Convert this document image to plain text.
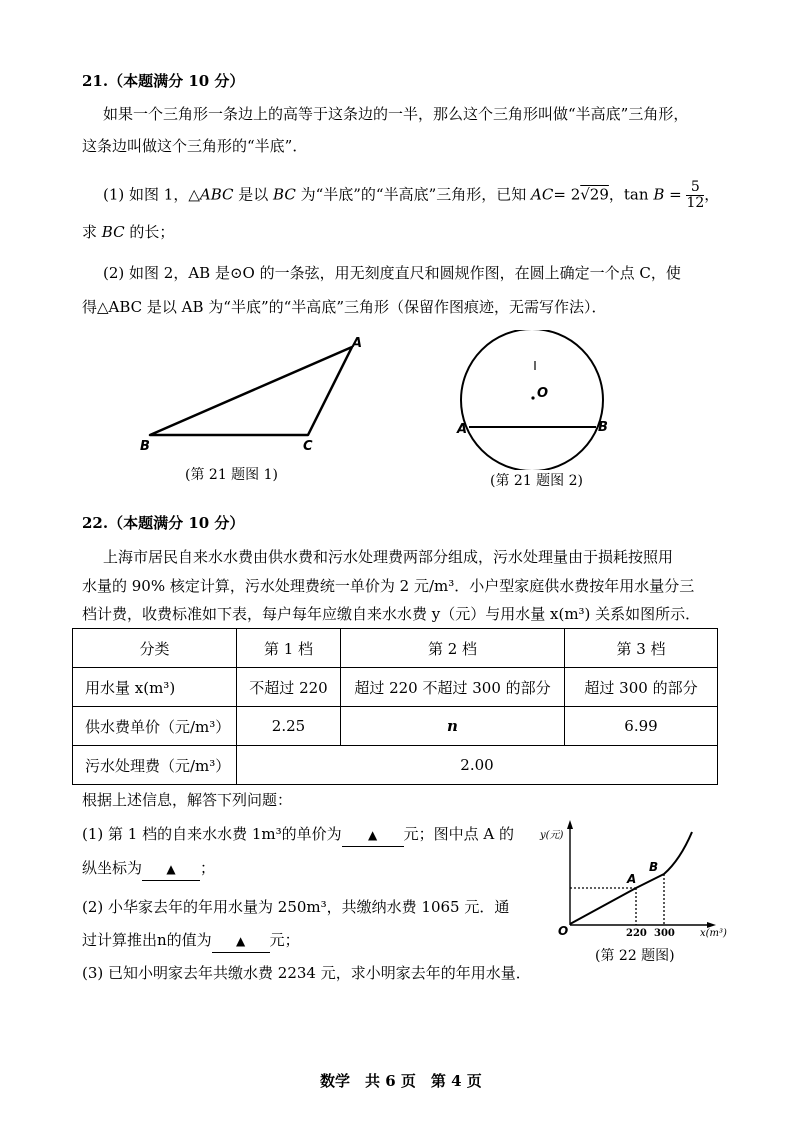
21.（本题满分 10 分）
如果一个三角形一条边上的高等于这条边的一半，那么这个三角形叫做“半高底”三角形，
这条边叫做这个三角形的“半底”．
(1) 如图 1，△ABC 是以 BC 为“半底”的“半高底”三角形，已知 AC= 2√29，$\tan B = \frac{5}{12}$ ，
求 BC 的长；
(2) 如图 2，AB 是⊙O 的一条弦，用无刻度直尺和圆规作图，在圆上确定一个点 C，使
得△ABC 是以 AB 为“半底”的“半高底”三角形（保留作图痕迹，无需写作法）．
A
B	C
(第 21 题图 1)
O
A	B
(第 21 题图 2)
22.（本题满分 10 分）
上海市居民自来水水费由供水费和污水处理费两部分组成，污水处理量由于损耗按照用
水量的 90% 核定计算，污水处理费统一单价为 2 元/m³．小户型家庭供水费按年用水量分三
档计费，收费标准如下表，每户每年应缴自来水水费 y（元）与用水量 x(m³) 关系如图所示．
分类	第 1 档	第 2 档	第 3 档
用水量 x(m³)	不超过 220	超过 220 不超过 300 的部分	超过 300 的部分
供水费单价（元/m³）	2.25	n	6.99
污水处理费（元/m³）	2.00		
根据上述信息，解答下列问题：
(1) 第 1 档的自来水水费 1m³的单价为 ▲ 元；图中点 A 的
纵坐标为 ▲ ；
(2) 小华家去年的年用水量为 250m³，共缴纳水费 1065 元．通
过计算推出n的值为 ▲ 元；
(3) 已知小明家去年共缴水费 2234 元，求小明家去年的年用水量．
y(元)
x(m³)
O
A
B
220 300
(第 22 题图)
数学　共 6 页　第 4 页
